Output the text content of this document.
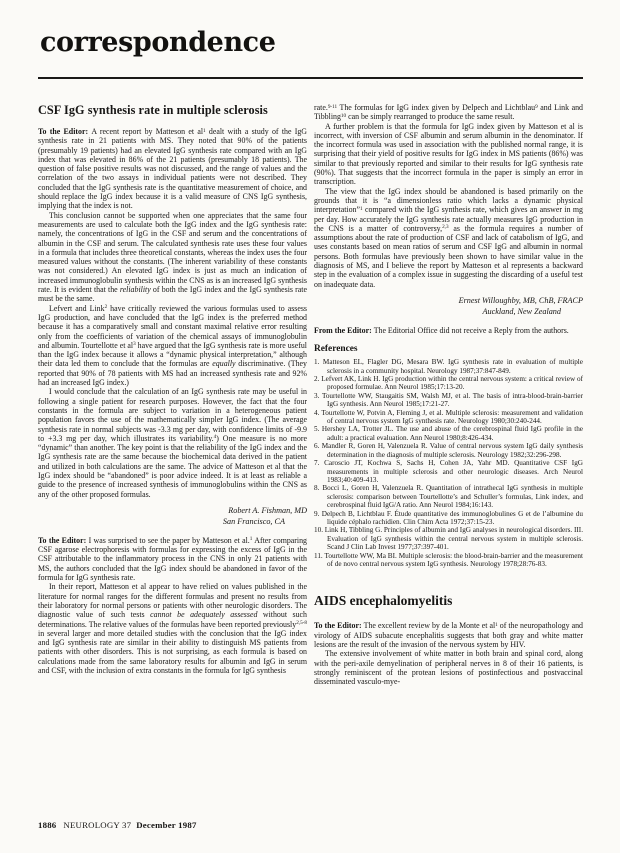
correspondence
CSF IgG synthesis rate in multiple sclerosis

To the Editor: A recent report by Matteson et $al^1$ dealt with a study of the IgG synthesis rate in 21 patients with MS. They noted that 90% of the patients (presumably 19 patients) had an elevated IgG synthesis rate compared with an IgG index that was elevated in 86% of the 21 patients (presumably 18 patients). The question of false positive results was not discussed, and the range of values and the correlation of the two assays in individual patients were not described. They concluded that the IgG synthesis rate is the quantitative measurement of choice, and should replace the IgG index because it is a valid measure of CNS IgG synthesis, implying that the index is not.

This conclusion cannot be supported when one appreciates that the same four measurements are used to calculate both the IgG index and the IgG synthesis rate: namely, the concentrations of IgG in the CSF and serum and the concentrations of albumin in the CSF and serum. The calculated synthesis rate uses these four values in a formula that includes three theoretical constants, whereas the index uses the four measured values without the constants. (The inherent variability of these constants was not considered.) An elevated IgG index is just as much an indication of increased immunoglobulin synthesis within the CNS as is an increased IgG synthesis rate. It is evident that the reliability of both the IgG index and the IgG synthesis rate must be the same.

Lefvert and Link$^2$ have critically reviewed the various formulas used to assess IgG production, and have concluded that the IgG index is the preferred method because it has a comparatively small and constant maximal relative error resulting only from the coefficients of variation of the chemical assays of immunoglobulin and albumin. Tourtellotte et $al^3$ have argued that the IgG synthesis rate is more useful than the IgG index because it allows a “dynamic physical interpretation,” although their data led them to conclude that the formulas are equally discriminative. (They reported that 90% of 78 patients with MS had an increased synthesis rate and 92% had an increased IgG index.)

I would conclude that the calculation of an IgG synthesis rate may be useful in following a single patient for research purposes. However, the fact that the four constants in the formula are subject to variation in a heterogeneous patient population favors the use of the mathematically simpler IgG index. (The average synthesis rate in normal subjects was -3.3 mg per day, with confidence limits of -9.9 to +3.3 mg per day, which illustrates its variability.$^4$) One measure is no more “dynamic” than another. The key point is that the reliability of the IgG index and the IgG synthesis rate are the same because the biochemical data derived in the patient and utilized in both calculations are the same. The advice of Matteson et al that the IgG index should be “abandoned” is poor advice indeed. It is at least as reliable a guide to the presence of increased synthesis of immunoglobulins within the CNS as any of the other proposed formulas.

Robert A. Fishman, MD
San Francisco, CA

To the Editor: I was surprised to see the paper by Matteson et al.$^1$ After comparing CSF agarose electrophoresis with formulas for expressing the excess of IgG in the CSF attributable to the inflammatory process in the CNS in only 21 patients with MS, the authors concluded that the IgG index should be abandoned in favor of the formula for IgG synthesis rate.

In their report, Matteson et al appear to have relied on values published in the literature for normal ranges for the different formulas and present no results from their laboratory for normal persons or patients with other neurologic disorders. The diagnostic value of such tests cannot be adequately assessed without such determinations. The relative values of the formulas have been reported previously$^{2,5-8}$ in several larger and more detailed studies with the conclusion that the IgG index and IgG synthesis rate are similar in their ability to distinguish MS patients from patients with other disorders. This is not surprising, as each formula is based on calculations made from the same laboratory results for albumin and IgG in serum and CSF, with the inclusion of extra constants in the formula for IgG synthesis

rate.$^{9-11}$ The formulas for IgG index given by Delpech and Lichtblau$^9$ and Link and Tibbling$^{10}$ can be simply rearranged to produce the same result.

A further problem is that the formula for IgG index given by Matteson et al is incorrect, with inversion of CSF albumin and serum albumin in the denominator. If the incorrect formula was used in association with the published normal range, it is surprising that their yield of positive results for IgG index in MS patients (86%) was similar to that previously reported and similar to their results for IgG synthesis rate (90%). That suggests that the incorrect formula in the paper is simply an error in transcription.

The view that the IgG index should be abandoned is based primarily on the grounds that it is “a dimensionless ratio which lacks a dynamic physical interpretation”$^1$ compared with the IgG synthesis rate, which gives an answer in mg per day. How accurately the IgG synthesis rate actually measures IgG production in the CNS is a matter of controversy,$^{2,3}$ as the formula requires a number of assumptions about the rate of production of CSF and lack of catabolism of IgG, and uses constants based on mean ratios of serum and CSF IgG and albumin in normal persons. Both formulas have previously been shown to have similar value in the diagnosis of MS, and I believe the report by Matteson et al represents a backward step in the evaluation of a complex issue in suggesting the discarding of a useful test on inadequate data.

Ernest Willoughby, MB, ChB, FRACP
Auckland, New Zealand

From the Editor: The Editorial Office did not receive a Reply from the authors.

References
1. Matteson EL, Flagler DG, Mesara BW. IgG synthesis rate in evaluation of multiple sclerosis in a community hospital. Neurology 1987;37:847-849.
2. Lefvert AK, Link H. IgG production within the central nervous system: a critical review of proposed formulae. Ann Neurol 1985;17:13-20.
3. Tourtellotte WW, Staugaitis SM, Walsh MJ, et al. The basis of intra-blood-brain-barrier IgG synthesis. Ann Neurol 1985;17:21-27.
4. Tourtellotte W, Potvin A, Fleming J, et al. Multiple sclerosis: measurement and validation of central nervous system IgG synthesis rate. Neurology 1980;30:240-244.
5. Hershey LA, Trotter JL. The use and abuse of the cerebrospinal fluid IgG profile in the adult: a practical evaluation. Ann Neurol 1980;8:426-434.
6. Mandler R, Goren H, Valenzuela R. Value of central nervous system IgG daily synthesis determination in the diagnosis of multiple sclerosis. Neurology 1982;32:296-298.
7. Caroscio JT, Kochwa S, Sachs H, Cohen JA, Yahr MD. Quantitative CSF IgG measurements in multiple sclerosis and other neurologic diseases. Arch Neurol 1983;40:409-413.
8. Bocci L, Goren H, Valenzuela R. Quantitation of intrathecal IgG synthesis in multiple sclerosis: comparison between Tourtellotte’s and Schuller’s formulas, Link index, and cerebrospinal fluid IgG/A ratio. Ann Neurol 1984;16:143.
9. Delpech B, Lichtblau F. Étude quantitative des immunoglobulines G et de l’albumine du liquide céphalo rachidien. Clin Chim Acta 1972;37:15-23.
10. Link H, Tibbling G. Principles of albumin and IgG analyses in neurological disorders. III. Evaluation of IgG synthesis within the central nervous system in multiple sclerosis. Scand J Clin Lab Invest 1977;37:397-401.
11. Tourtellotte WW, Ma BI. Multiple sclerosis: the blood-brain-barrier and the measurement of de novo central nervous system IgG synthesis. Neurology 1978;28:76-83.
AIDS encephalomyelitis

To the Editor: The excellent review by de la Monte et $al^1$ of the neuropathology and virology of AIDS subacute encephalitis suggests that both gray and white matter lesions are the result of the invasion of the nervous system by HIV.

The extensive involvement of white matter in both brain and spinal cord, along with the peri-axile demyelination of peripheral nerves in 8 of their 16 patients, is strongly reminiscent of the protean lesions of postinfectious and postvaccinal disseminated vasculo-mye-

1886 NEUROLOGY 37 December 1987
